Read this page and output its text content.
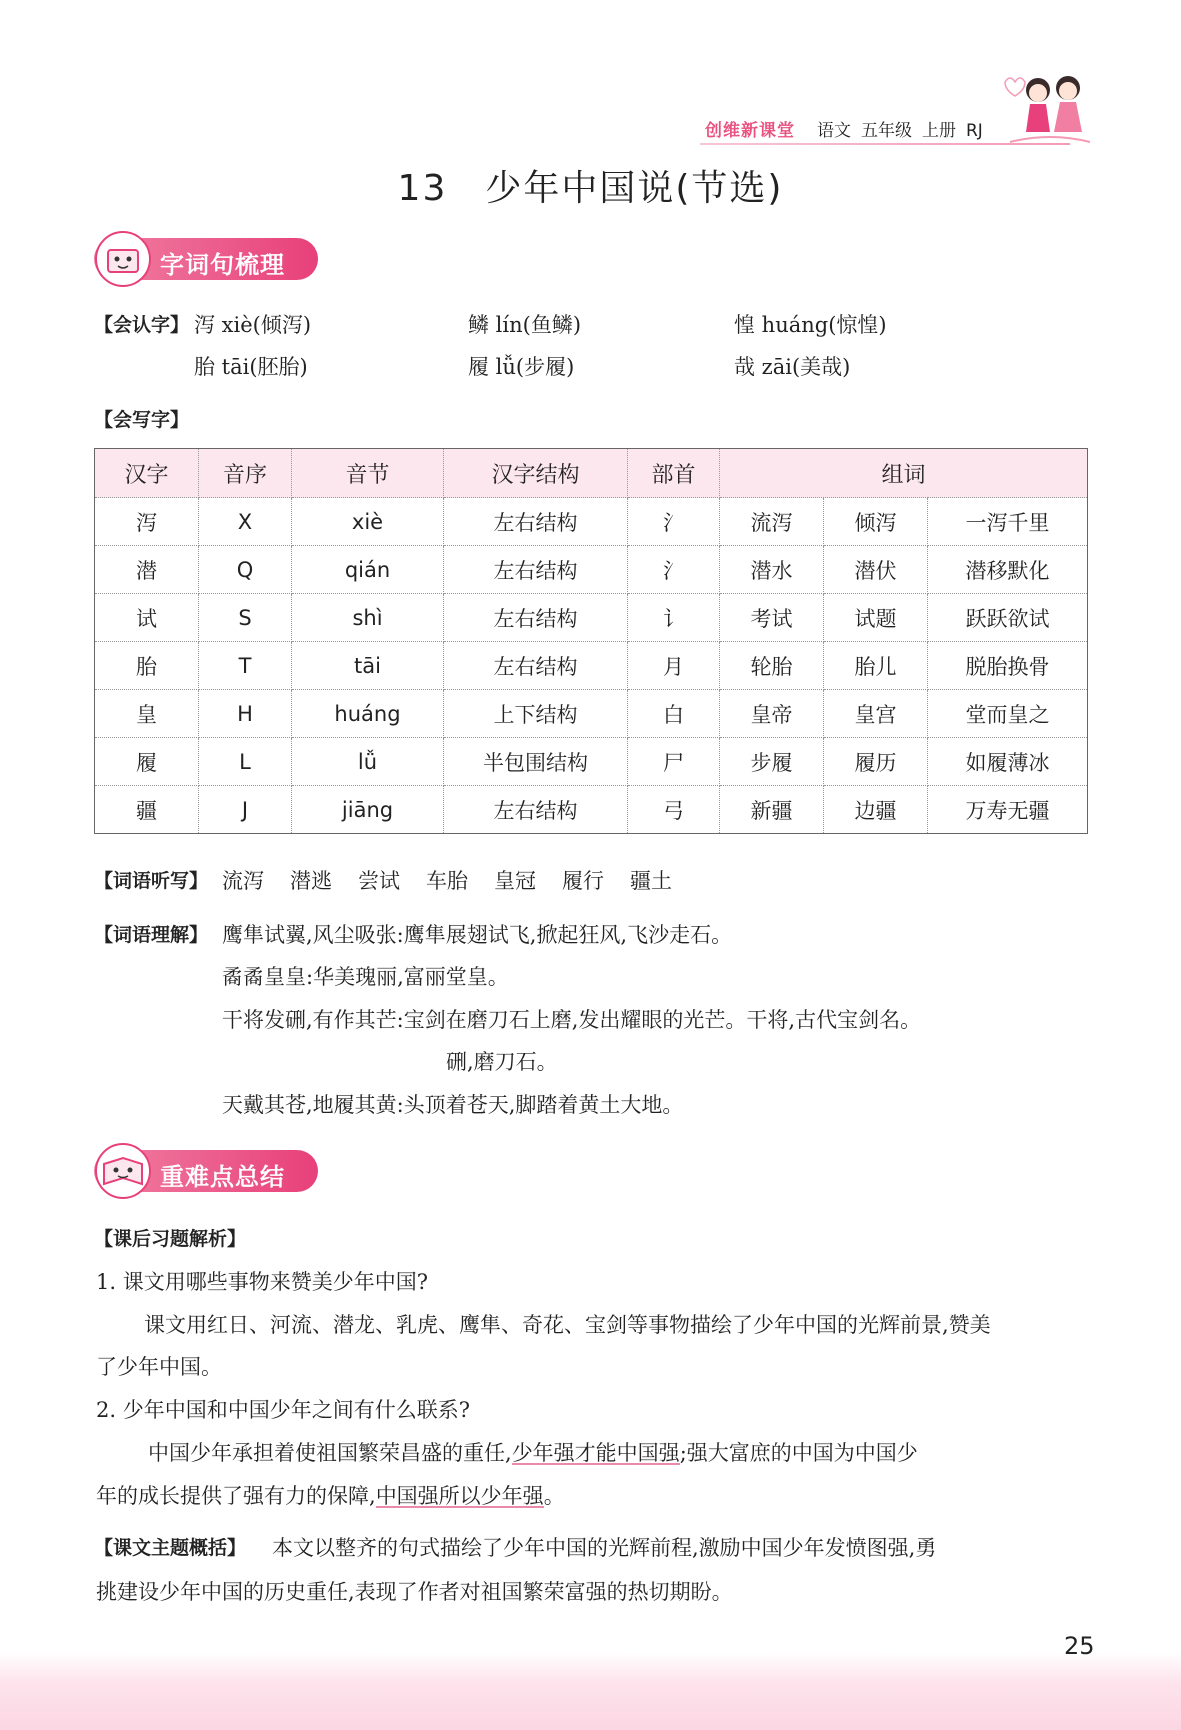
创维新课堂 语文 五年级 上册 RJ
13　少年中国说(节选)
字词句梳理
【会认字】 泻 xiè(倾泻)	鳞 lín(鱼鳞)	惶 huáng(惊惶)
胎 tāi(胚胎)	履 lǚ(步履)	哉 zāi(美哉)
【会写字】
汉字	音序	音节	汉字结构	部首	组词		
泻	X	xiè	左右结构	氵	流泻	倾泻	一泻千里
潜	Q	qián	左右结构	氵	潜水	潜伏	潜移默化
试	S	shì	左右结构	讠	考试	试题	跃跃欲试
胎	T	tāi	左右结构	月	轮胎	胎儿	脱胎换骨
皇	H	huáng	上下结构	白	皇帝	皇宫	堂而皇之
履	L	lǚ	半包围结构	尸	步履	履历	如履薄冰
疆	J	jiāng	左右结构	弓	新疆	边疆	万寿无疆
【词语听写】 流泻 潜逃 尝试 车胎 皇冠 履行 疆土
【词语理解】 鹰隼试翼,风尘吸张:鹰隼展翅试飞,掀起狂风,飞沙走石。
矞矞皇皇:华美瑰丽,富丽堂皇。
干将发硎,有作其芒:宝剑在磨刀石上磨,发出耀眼的光芒。干将,古代宝剑名。
硎,磨刀石。
天戴其苍,地履其黄:头顶着苍天,脚踏着黄土大地。
重难点总结
【课后习题解析】
1. 课文用哪些事物来赞美少年中国?
课文用红日、河流、潜龙、乳虎、鹰隼、奇花、宝剑等事物描绘了少年中国的光辉前景,赞美
了少年中国。
2. 少年中国和中国少年之间有什么联系?
中国少年承担着使祖国繁荣昌盛的重任,少年强才能中国强;强大富庶的中国为中国少
年的成长提供了强有力的保障,中国强所以少年强。
【课文主题概括】 本文以整齐的句式描绘了少年中国的光辉前程,激励中国少年发愤图强,勇
挑建设少年中国的历史重任,表现了作者对祖国繁荣富强的热切期盼。
25
